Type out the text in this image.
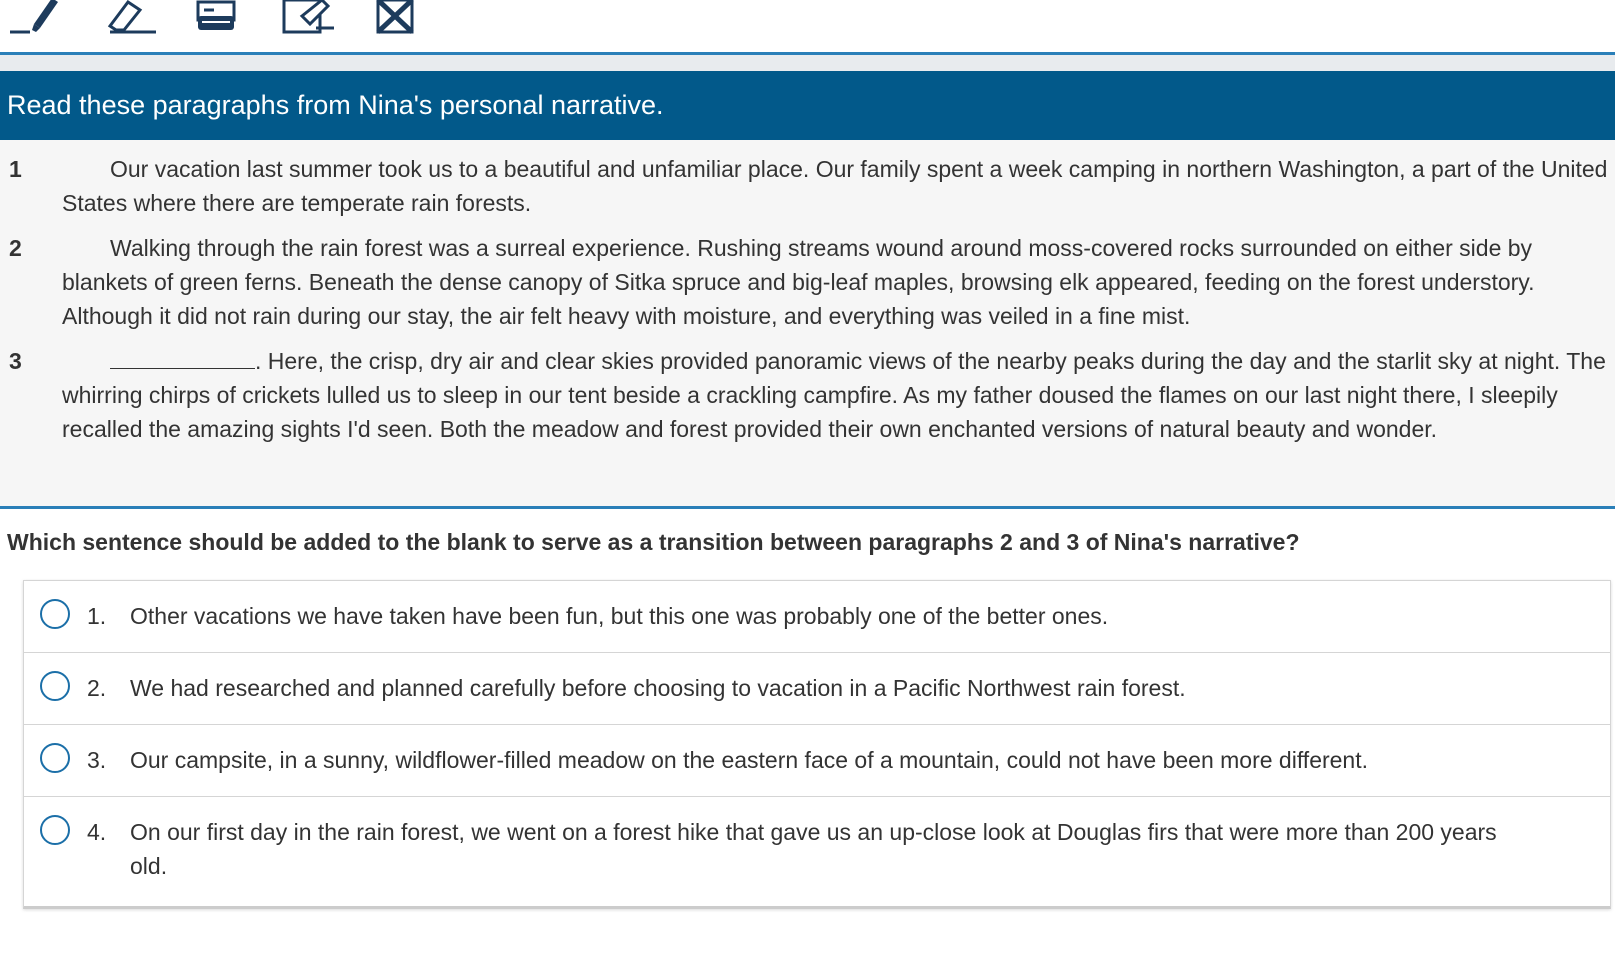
Read these paragraphs from Nina's personal narrative.
1	Our vacation last summer took us to a beautiful and unfamiliar place. Our family spent a week camping in northern Washington, a part of the United States where there are temperate rain forests.
2	Walking through the rain forest was a surreal experience. Rushing streams wound around moss-covered rocks surrounded on either side by blankets of green ferns. Beneath the dense canopy of Sitka spruce and big-leaf maples, browsing elk appeared, feeding on the forest understory. Although it did not rain during our stay, the air felt heavy with moisture, and everything was veiled in a fine mist.
3	. Here, the crisp, dry air and clear skies provided panoramic views of the nearby peaks during the day and the starlit sky at night. The whirring chirps of crickets lulled us to sleep in our tent beside a crackling campfire. As my father doused the flames on our last night there, I sleepily recalled the amazing sights I'd seen. Both the meadow and forest provided their own enchanted versions of natural beauty and wonder.
Which sentence should be added to the blank to serve as a transition between paragraphs 2 and 3 of Nina's narrative?
1. Other vacations we have taken have been fun, but this one was probably one of the better ones.
2. We had researched and planned carefully before choosing to vacation in a Pacific Northwest rain forest.
3. Our campsite, in a sunny, wildflower-filled meadow on the eastern face of a mountain, could not have been more different.
4. On our first day in the rain forest, we went on a forest hike that gave us an up-close look at Douglas firs that were more than 200 years old.
